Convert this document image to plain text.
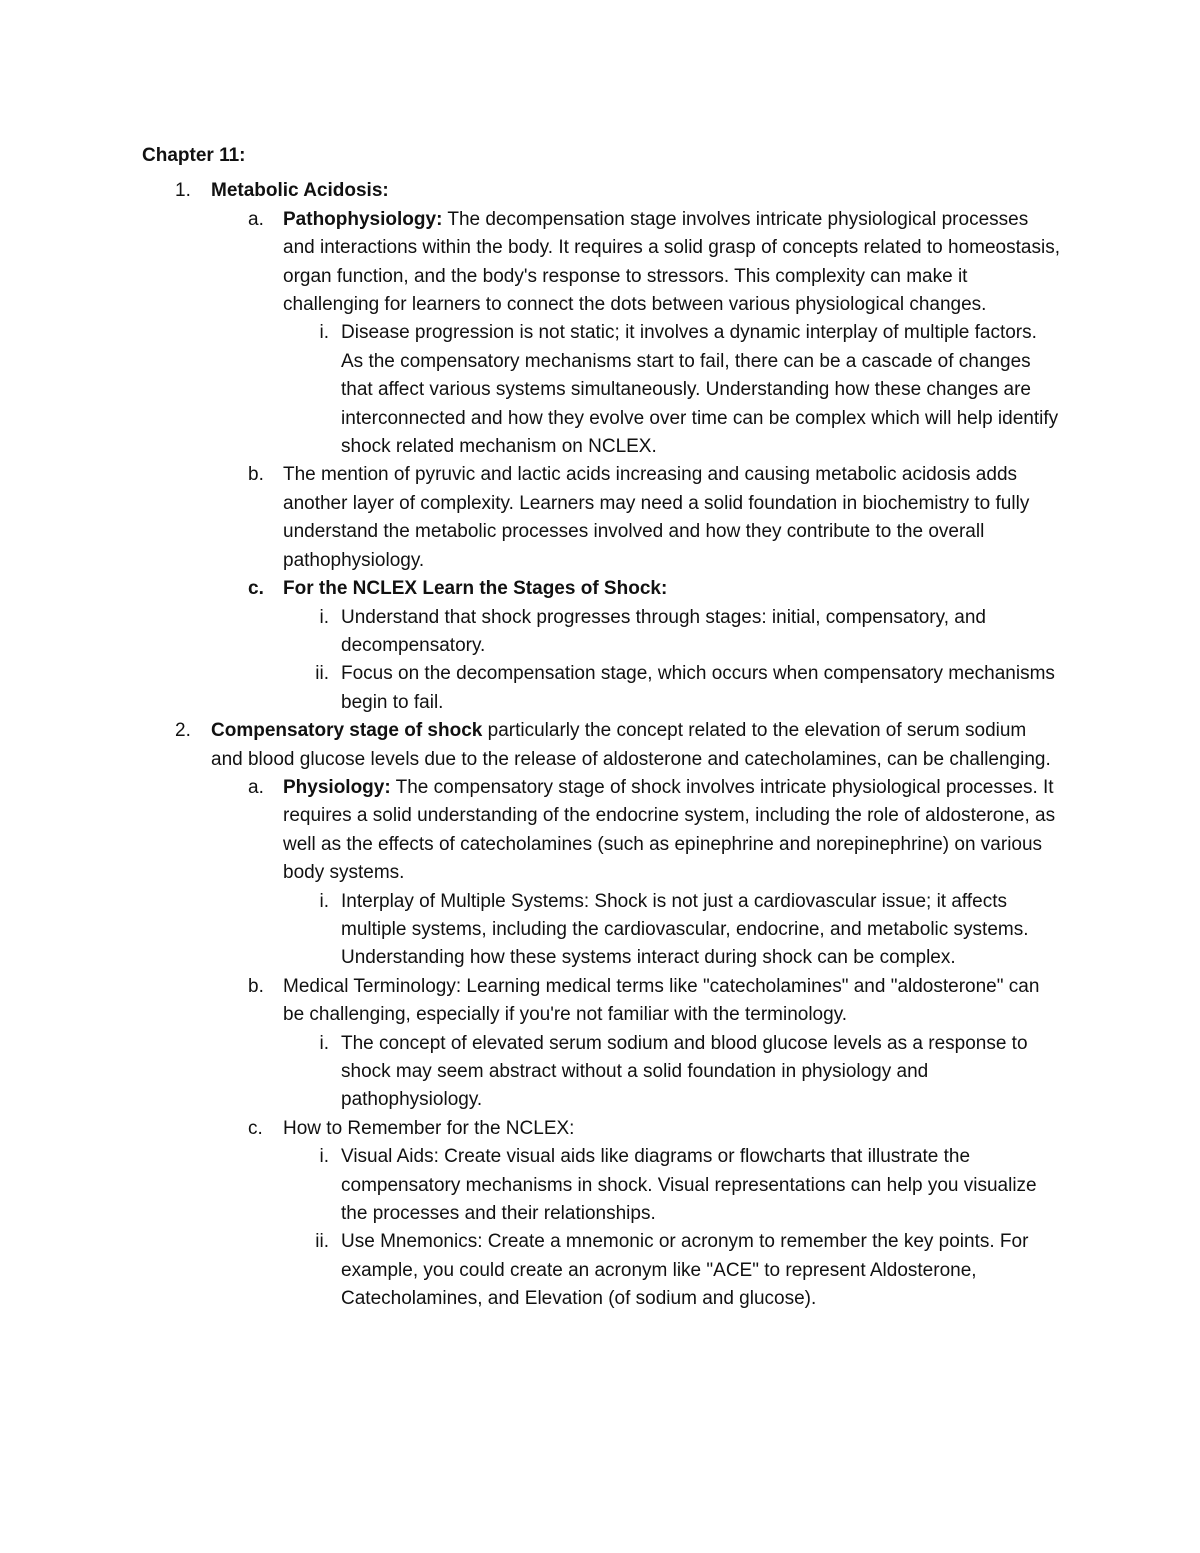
Chapter 11:
1.	Metabolic Acidosis:
a.	Pathophysiology: The decompensation stage involves intricate physiological processes and interactions within the body. It requires a solid grasp of concepts related to homeostasis, organ function, and the body's response to stressors. This complexity can make it challenging for learners to connect the dots between various physiological changes.
i. Disease progression is not static; it involves a dynamic interplay of multiple factors. As the compensatory mechanisms start to fail, there can be a cascade of changes that affect various systems simultaneously. Understanding how these changes are interconnected and how they evolve over time can be complex which will help identify shock related mechanism on NCLEX.
b.	The mention of pyruvic and lactic acids increasing and causing metabolic acidosis adds another layer of complexity. Learners may need a solid foundation in biochemistry to fully understand the metabolic processes involved and how they contribute to the overall pathophysiology.
c.	For the NCLEX Learn the Stages of Shock:
i. Understand that shock progresses through stages: initial, compensatory, and decompensatory.
ii. Focus on the decompensation stage, which occurs when compensatory mechanisms begin to fail.
2.	Compensatory stage of shock particularly the concept related to the elevation of serum sodium and blood glucose levels due to the release of aldosterone and catecholamines, can be challenging.
a.	Physiology: The compensatory stage of shock involves intricate physiological processes. It requires a solid understanding of the endocrine system, including the role of aldosterone, as well as the effects of catecholamines (such as epinephrine and norepinephrine) on various body systems.
i. Interplay of Multiple Systems: Shock is not just a cardiovascular issue; it affects multiple systems, including the cardiovascular, endocrine, and metabolic systems. Understanding how these systems interact during shock can be complex.
b.	Medical Terminology: Learning medical terms like "catecholamines" and "aldosterone" can be challenging, especially if you're not familiar with the terminology.
i. The concept of elevated serum sodium and blood glucose levels as a response to shock may seem abstract without a solid foundation in physiology and pathophysiology.
c.	How to Remember for the NCLEX:
i. Visual Aids: Create visual aids like diagrams or flowcharts that illustrate the compensatory mechanisms in shock. Visual representations can help you visualize the processes and their relationships.
ii. Use Mnemonics: Create a mnemonic or acronym to remember the key points. For example, you could create an acronym like "ACE" to represent Aldosterone, Catecholamines, and Elevation (of sodium and glucose).
